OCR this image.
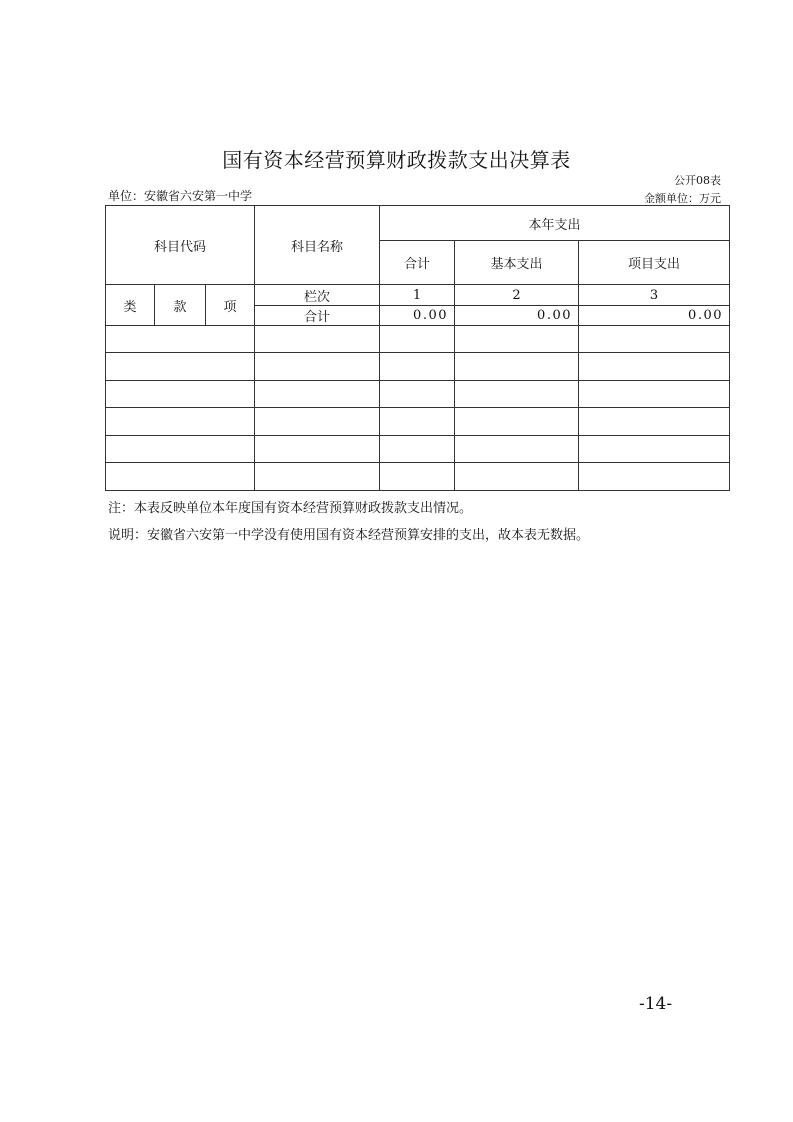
国有资本经营预算财政拨款支出决算表
公开08表
单位：安徽省六安第一中学	金额单位：万元
科目代码			科目名称	本年支出		
				合计	基本支出	项目支出
类	款	项	栏次	1	2	3
			合计	0.00	0.00	0.00

注：本表反映单位本年度国有资本经营预算财政拨款支出情况。
说明：安徽省六安第一中学没有使用国有资本经营预算安排的支出，故本表无数据。
-14-
